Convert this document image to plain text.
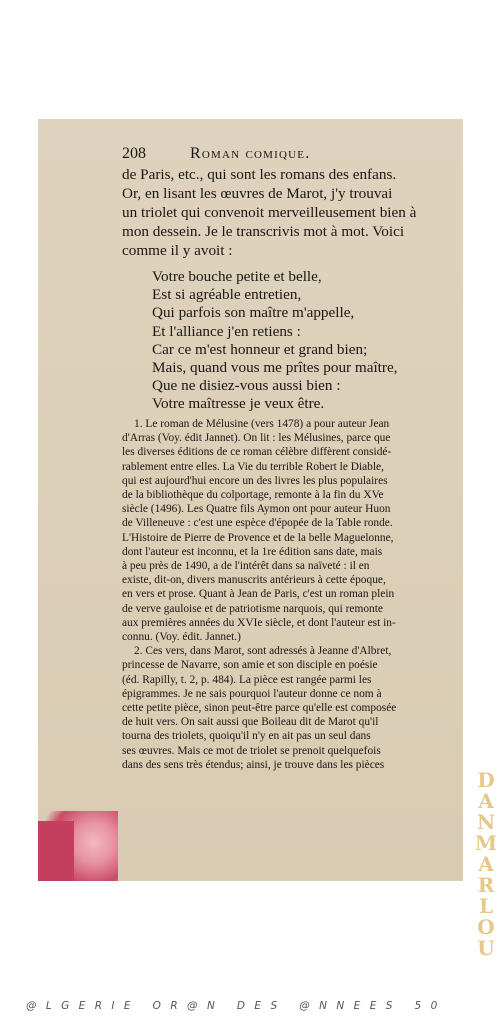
208	Roman comique.
de Paris, etc., qui sont les romans des enfans.
Or, en lisant les œuvres de Marot, j'y trouvai
un triolet qui convenoit merveilleusement bien à
mon dessein. Je le transcrivis mot à mot. Voici
comme il y avoit :
Votre bouche petite et belle,
Est si agréable entretien,
Qui parfois son maître m'appelle,
Et l'alliance j'en retiens :
Car ce m'est honneur et grand bien;
Mais, quand vous me prîtes pour maître,
Que ne disiez-vous aussi bien :
Votre maîtresse je veux être.
1. Le roman de Mélusine (vers 1478) a pour auteur Jean
d'Arras (Voy. édit Jannet). On lit : les Mélusines, parce que
les diverses éditions de ce roman célèbre diffèrent considé-
rablement entre elles. La Vie du terrible Robert le Diable,
qui est aujourd'hui encore un des livres les plus populaires
de la bibliothèque du colportage, remonte à la fin du XVe
siècle (1496). Les Quatre fils Aymon ont pour auteur Huon
de Villeneuve : c'est une espèce d'épopée de la Table ronde.
L'Histoire de Pierre de Provence et de la belle Maguelonne,
dont l'auteur est inconnu, et la 1re édition sans date, mais
à peu près de 1490, a de l'intérêt dans sa naïveté : il en
existe, dit-on, divers manuscrits antérieurs à cette époque,
en vers et prose. Quant à Jean de Paris, c'est un roman plein
de verve gauloise et de patriotisme narquois, qui remonte
aux premières années du XVIe siècle, et dont l'auteur est in-
connu. (Voy. édit. Jannet.)
2. Ces vers, dans Marot, sont adressés à Jeanne d'Albret,
princesse de Navarre, son amie et son disciple en poésie
(éd. Rapilly, t. 2, p. 484). La pièce est rangée parmi les
épigrammes. Je ne sais pourquoi l'auteur donne ce nom à
cette petite pièce, sinon peut-être parce qu'elle est composée
de huit vers. On sait aussi que Boileau dit de Marot qu'il
tourna des triolets, quoiqu'il n'y en ait pas un seul dans
ses œuvres. Mais ce mot de triolet se prenoit quelquefois
dans des sens très étendus; ainsi, je trouve dans les pièces
D
A
N
M
A
R
L
O
U
@LGERIE OR@N DES @NNEES 50
